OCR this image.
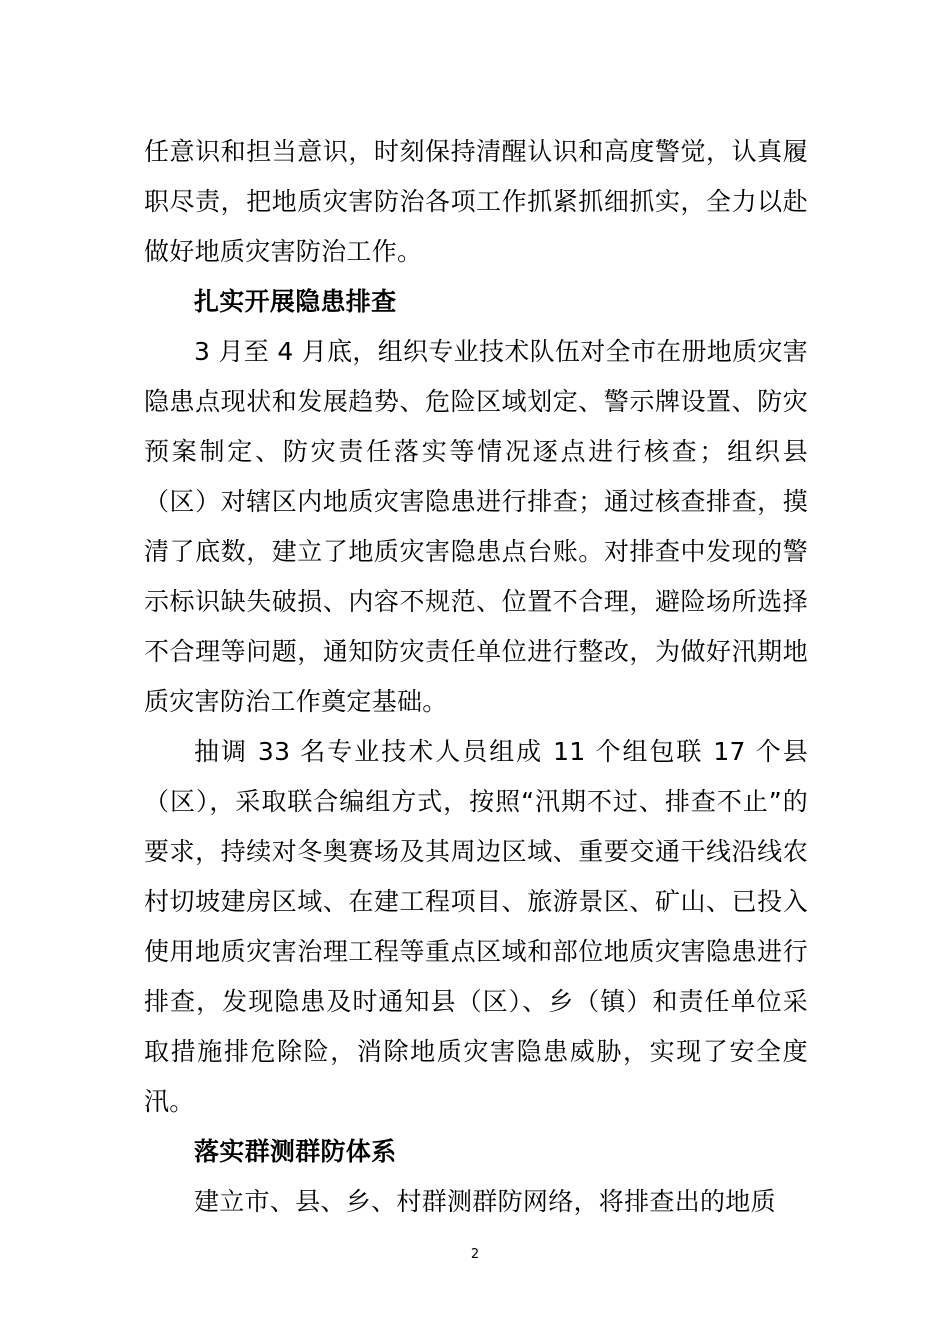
任意识和担当意识，时刻保持清醒认识和高度警觉，认真履职尽责，把地质灾害防治各项工作抓紧抓细抓实，全力以赴做好地质灾害防治工作。

扎实开展隐患排查

3 月至 4 月底，组织专业技术队伍对全市在册地质灾害隐患点现状和发展趋势、危险区域划定、警示牌设置、防灾预案制定、防灾责任落实等情况逐点进行核查；组织县（区）对辖区内地质灾害隐患进行排查；通过核查排查，摸清了底数，建立了地质灾害隐患点台账。对排查中发现的警示标识缺失破损、内容不规范、位置不合理，避险场所选择不合理等问题，通知防灾责任单位进行整改，为做好汛期地质灾害防治工作奠定基础。

抽调 33 名专业技术人员组成 11 个组包联 17 个县（区），采取联合编组方式，按照“汛期不过、排查不止”的要求，持续对冬奥赛场及其周边区域、重要交通干线沿线农村切坡建房区域、在建工程项目、旅游景区、矿山、已投入使用地质灾害治理工程等重点区域和部位地质灾害隐患进行排查，发现隐患及时通知县（区）、乡（镇）和责任单位采取措施排危除险，消除地质灾害隐患威胁，实现了安全度汛。

落实群测群防体系

建立市、县、乡、村群测群防网络，将排查出的地质

2
